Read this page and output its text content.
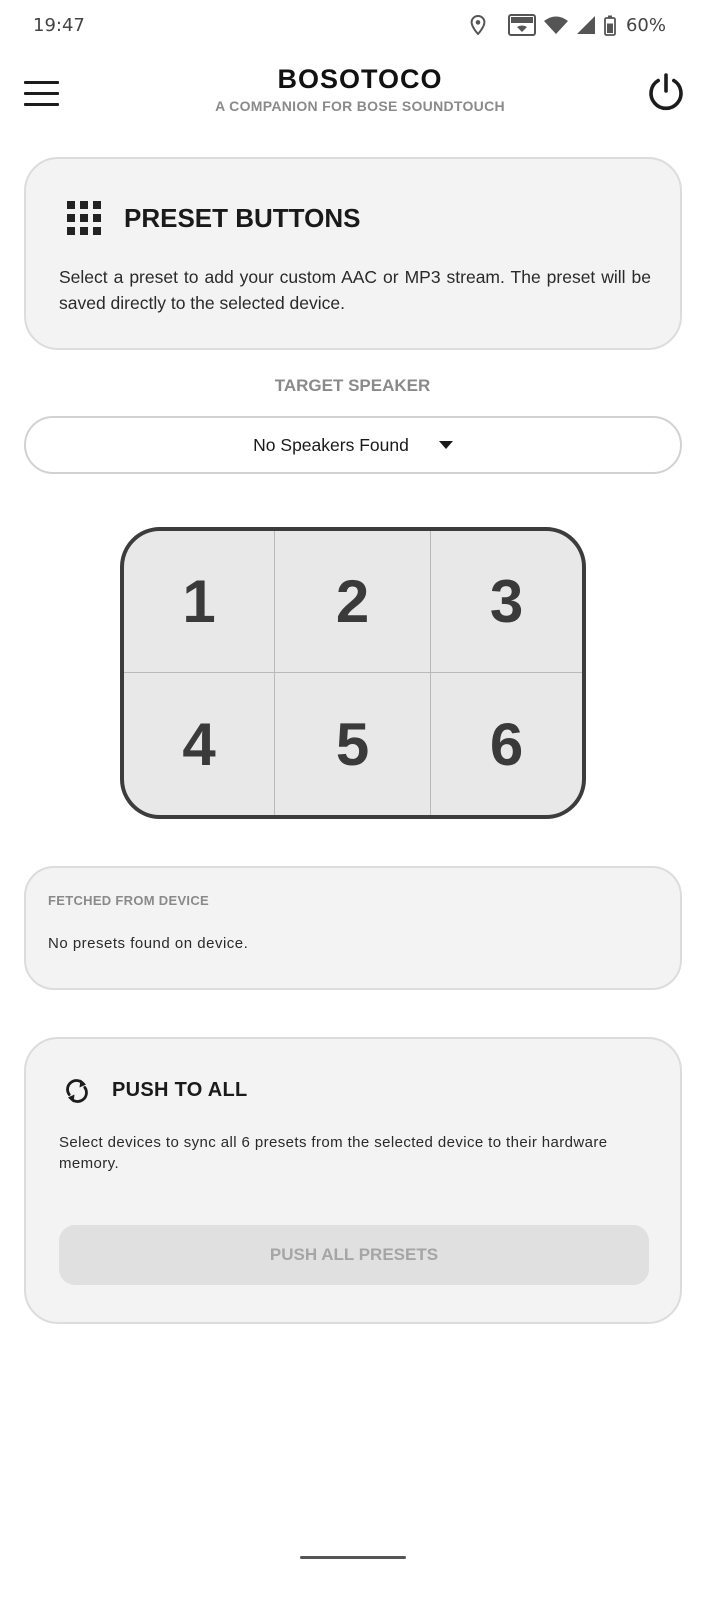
19:47	60%
BOSOTOCO
A COMPANION FOR BOSE SOUNDTOUCH
PRESET BUTTONS
Select a preset to add your custom AAC or MP3 stream. The preset will be saved directly to the selected device.
TARGET SPEAKER
No Speakers Found
1	2	3
4	5	6
FETCHED FROM DEVICE
No presets found on device.
PUSH TO ALL
Select devices to sync all 6 presets from the selected device to their hardware memory.
PUSH ALL PRESETS
